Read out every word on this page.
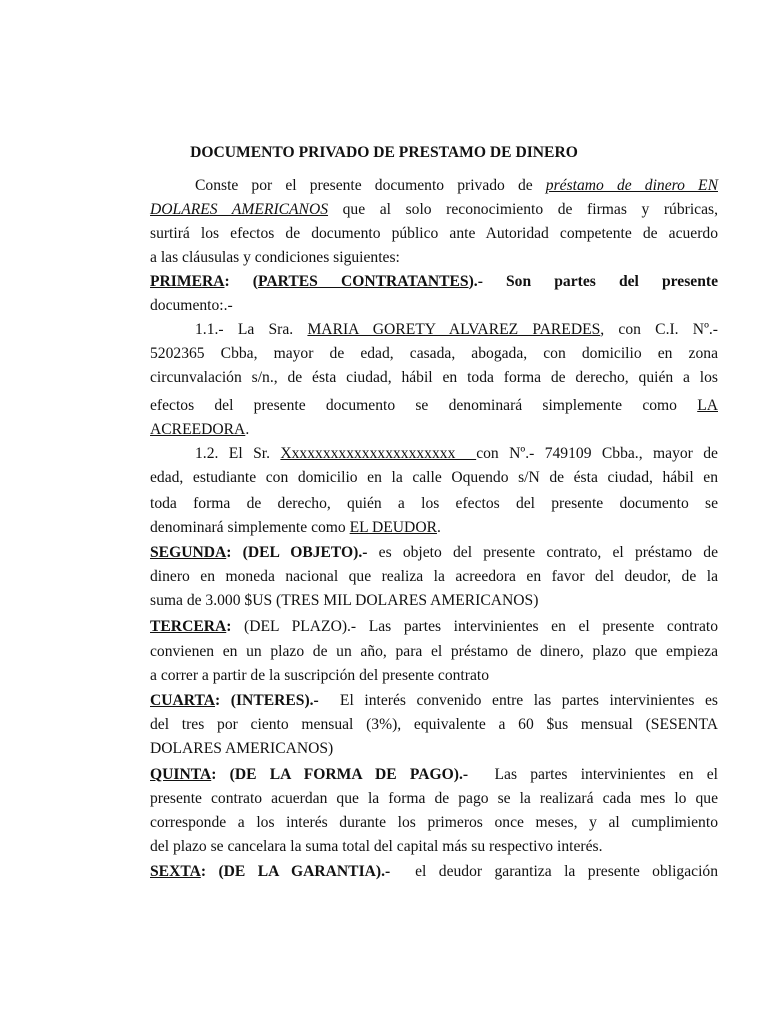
DOCUMENTO PRIVADO DE PRESTAMO DE DINERO
Conste por el presente documento privado de préstamo de dinero EN
DOLARES AMERICANOS que al solo reconocimiento de firmas y rúbricas,
surtirá los efectos de documento público ante Autoridad competente de acuerdo
a las cláusulas y condiciones siguientes:
PRIMERA: (PARTES CONTRATANTES).- Son partes del presente
documento:.-
1.1.- La Sra. MARIA GORETY ALVAREZ PAREDES, con C.I. Nº.-
5202365 Cbba, mayor de edad, casada, abogada, con domicilio en zona
circunvalación s/n., de ésta ciudad, hábil en toda forma de derecho, quién a los
efectos del presente documento se denominará simplemente como LA
ACREEDORA.
1.2. El Sr. Xxxxxxxxxxxxxxxxxxxxxx  con Nº.- 749109 Cbba., mayor de
edad, estudiante con domicilio en la calle Oquendo s/N de ésta ciudad, hábil en
toda forma de derecho, quién a los efectos del presente documento se
denominará simplemente como EL DEUDOR.
SEGUNDA: (DEL OBJETO).- es objeto del presente contrato, el préstamo de
dinero en moneda nacional que realiza la acreedora en favor del deudor, de la
suma de 3.000 $US (TRES MIL DOLARES AMERICANOS)
TERCERA: (DEL PLAZO).- Las partes intervinientes en el presente contrato
convienen en un plazo de un año, para el préstamo de dinero, plazo que empieza
a correr a partir de la suscripción del presente contrato
CUARTA: (INTERES).-  El interés convenido entre las partes intervinientes es
del tres por ciento mensual (3%), equivalente a 60 $us mensual (SESENTA
DOLARES AMERICANOS)
QUINTA: (DE LA FORMA DE PAGO).-  Las partes intervinientes en el
presente contrato acuerdan que la forma de pago se la realizará cada mes lo que
corresponde a los interés durante los primeros once meses, y al cumplimiento
del plazo se cancelara la suma total del capital más su respectivo interés.
SEXTA: (DE LA GARANTIA).-  el deudor garantiza la presente obligación
